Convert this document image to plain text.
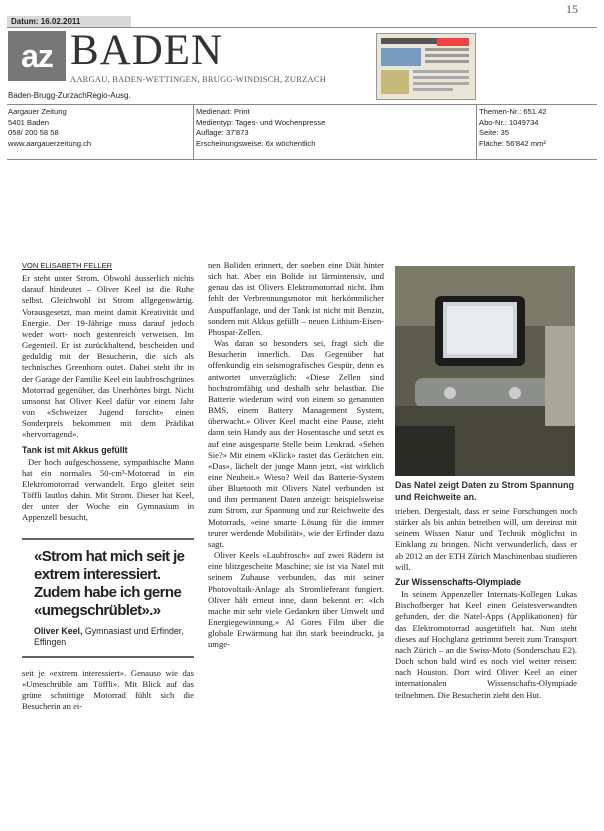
15
Datum: 16.02.2011
az BADEN
AARGAU, BADEN-WETTINGEN, BRUGG-WINDISCH, ZURZACH
Baden-Brugg-ZurzachRegio-Ausg.
Aargauer Zeitung
5401 Baden
058/ 200 58 58
www.aargauerzeitung.ch
Medienart: Print
Medientyp: Tages- und Wochenpresse
Auflage: 37'873
Erscheinungsweise: 6x wöchentlich
Themen-Nr.: 651.42
Abo-Nr.: 1049734
Seite: 35
Fläche: 56'842 mm²
VON ELISABETH FELLER

Er steht unter Strom. Obwohl äusserlich nichts darauf hindeutet – Oliver Keel ist die Ruhe selbst. Gleichwohl ist Strom allgegenwärtig. Vorausgesetzt, man meint damit Kreativität und Energie. Der 19-Jährige muss darauf jedoch weder wort- noch gestenreich verweisen. Im Gegenteil. Er ist zurückhaltend, bescheiden und geduldig mit der Besucherin, die sich als technisches Greenhorn outet. Dabei steht ihr in der Garage der Familie Keel ein laubfroschgrünes Motorrad gegenüber, das Unerhörtes birgt. Nicht umsonst hat Oliver Keel dafür vor einem Jahr von «Schweizer Jugend forscht» einen Sonderpreis bekommen mit dem Prädikat «hervorragend».

Tank ist mit Akkus gefüllt

Der hoch aufgeschossene, sympathische Mann hat ein normales 50-cm³-Motorrad in ein Elektromotorrad verwandelt. Ergo gleitet sein Töffli lautlos dahin. Mit Strom. Dieser hat Keel, der unter der Woche ein Gymnasium in Appenzell besucht,

«Strom hat mich seit je extrem interessiert. Zudem habe ich gerne «umegschrüblet».»
Oliver Keel, Gymnasiast und Erfinder, Effingen

seit je «extrem interessiert». Genauso wie das «Umeschrüble am Töffli». Mit Blick auf das grüne schnittige Motorrad fühlt sich die Besucherin an ei-

nen Boliden erinnert, der soeben eine Diät hinter sich hat. Aber ein Bolide ist lärmintensiv, und genau das ist Olivers Elektromotorrad nicht. Ihm fehlt der Verbrennungsmotor mit herkömmlicher Auspuffanlage, und der Tank ist nicht mit Benzin, sondern mit Akkus gefüllt – neuen Lithium-Eisen-Phospat-Zellen.

Was daran so besonders sei, fragt sich die Besucherin innerlich. Das Gegenüber hat offenkundig ein seismografisches Gespür, denn es antwortet unverzüglich: «Diese Zellen sind hochstromfähig und deshalb sehr belastbar. Die Batterie wiederum wird von einem so genannten BMS, einem Battery Management System, überwacht.» Oliver Keel macht eine Pause, zieht dann sein Handy aus der Hosentasche und setzt es auf eine ausgesparte Stelle beim Lenkrad. «Sehen Sie?» Mit einem «Klick» rastet das Gerätchen ein. «Das», lächelt der junge Mann jetzt, «ist wirklich eine Neuheit.» Wieso? Weil das Batterie-System über Bluetooth mit Olivers Natel verbunden ist und ihm permanent Daten anzeigt: beispielsweise zum Strom, zur Spannung und zur Reichweite des Motorrads, «eine smarte Lösung für die immer teurer werdende Mobilität», wie der Erfinder dazu sagt.

Oliver Keels «Laubfrosch» auf zwei Rädern ist eine blitzgescheite Maschine; sie ist via Natel mit seinem Zuhause verbunden, das mit seiner Photovoltaik-Anlage als Stromlieferant fungiert. Oliver hält erneut inne, dann bekennt er: «Ich mache mir sehr viele Gedanken über Umwelt und Energiegewinnung.» Al Gores Film über die globale Erwärmung hat ihn stark beeindruckt, ja umge-

Das Natel zeigt Daten zu Strom Spannung und Reichweite an.

trieben. Dergestalt, dass er seine Forschungen noch stärker als bis anhin betreiben will, um dereinst mit seinem Wissen Natur und Technik möglichst in Einklang zu bringen. Nicht verwunderlich, dass er ab 2012 an der ETH Zürich Maschinenbau studieren will.

Zur Wissenschafts-Olympiade

In seinem Appenzeller Internats-Kollegen Lukas Bischofberger hat Keel einen Geistesverwandten gefunden, der die Natel-Apps (Applikationen) für das Elektromotorrad ausgetüftelt hat. Nun steht dieses auf Hochglanz getrimmt bereit zum Transport nach Zürich – an die Swiss-Moto (Sonderschau E2). Doch schon bald wird es noch viel weiter reisen: nach Houston. Dort wird Oliver Keel an einer internationalen Wissenschafts-Olympiade teilnehmen. Die Besucherin zieht den Hut.
